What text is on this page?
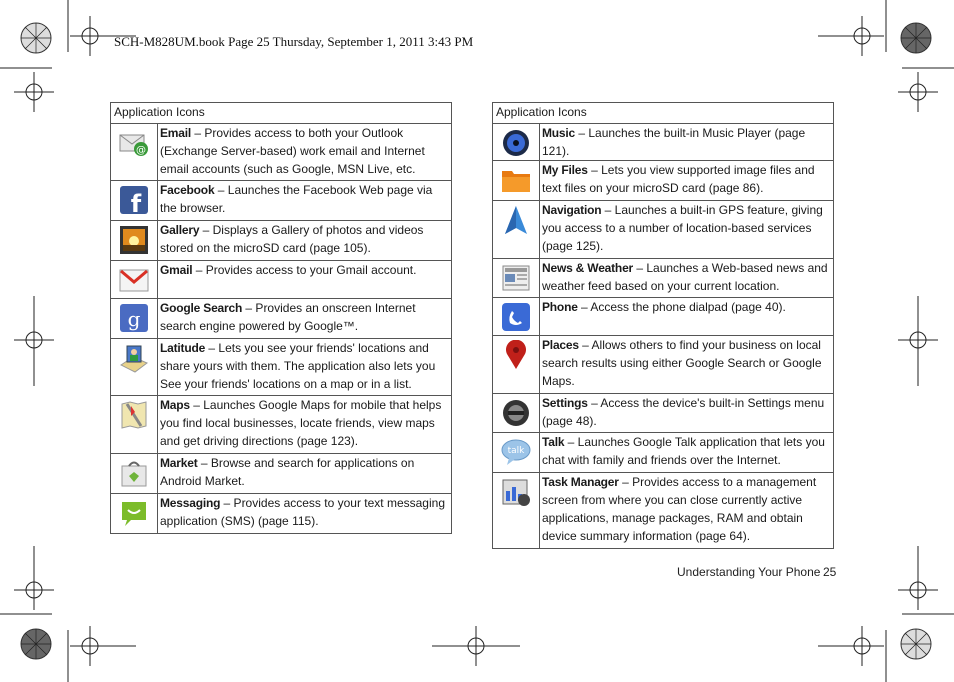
SCH-M828UM.book Page 25 Thursday, September 1, 2011 3:43 PM
Application Icons	

@	Email – Provides access to both your Outlook (Exchange Server-based) work email and Internet email accounts (such as Google, MSN Live, etc.

f	Facebook – Launches the Facebook Web page via the browser.

	Gallery – Displays a Gallery of photos and videos stored on the microSD card (page 105).

	Gmail – Provides access to your Gmail account.

g	Google Search – Provides an onscreen Internet search engine powered by Google™.

	Latitude – Lets you see your friends' locations and share yours with them. The application also lets you See your friends' locations on a map or in a list.

	Maps – Launches Google Maps for mobile that helps you find local businesses, locate friends, view maps and get driving directions (page 123).

	Market – Browse and search for applications on Android Market.

	Messaging – Provides access to your text messaging application (SMS) (page 115).
Application Icons	

	Music – Launches the built-in Music Player (page 121).

	My Files – Lets you view supported image files and text files on your microSD card (page 86).

	Navigation – Launches a built-in GPS feature, giving you access to a number of location-based services (page 125).

	News & Weather – Launches a Web-based news and weather feed based on your current location.

	Phone – Access the phone dialpad (page 40).

	Places – Allows others to find your business on local search results using either Google Search or Google Maps.

	Settings – Access the device's built-in Settings menu (page 48).

talk	Talk – Launches Google Talk application that lets you chat with family and friends over the Internet.

	Task Manager – Provides access to a management screen from where you can close currently active applications, manage packages, RAM and obtain device summary information (page 64).
Understanding Your Phone 25
